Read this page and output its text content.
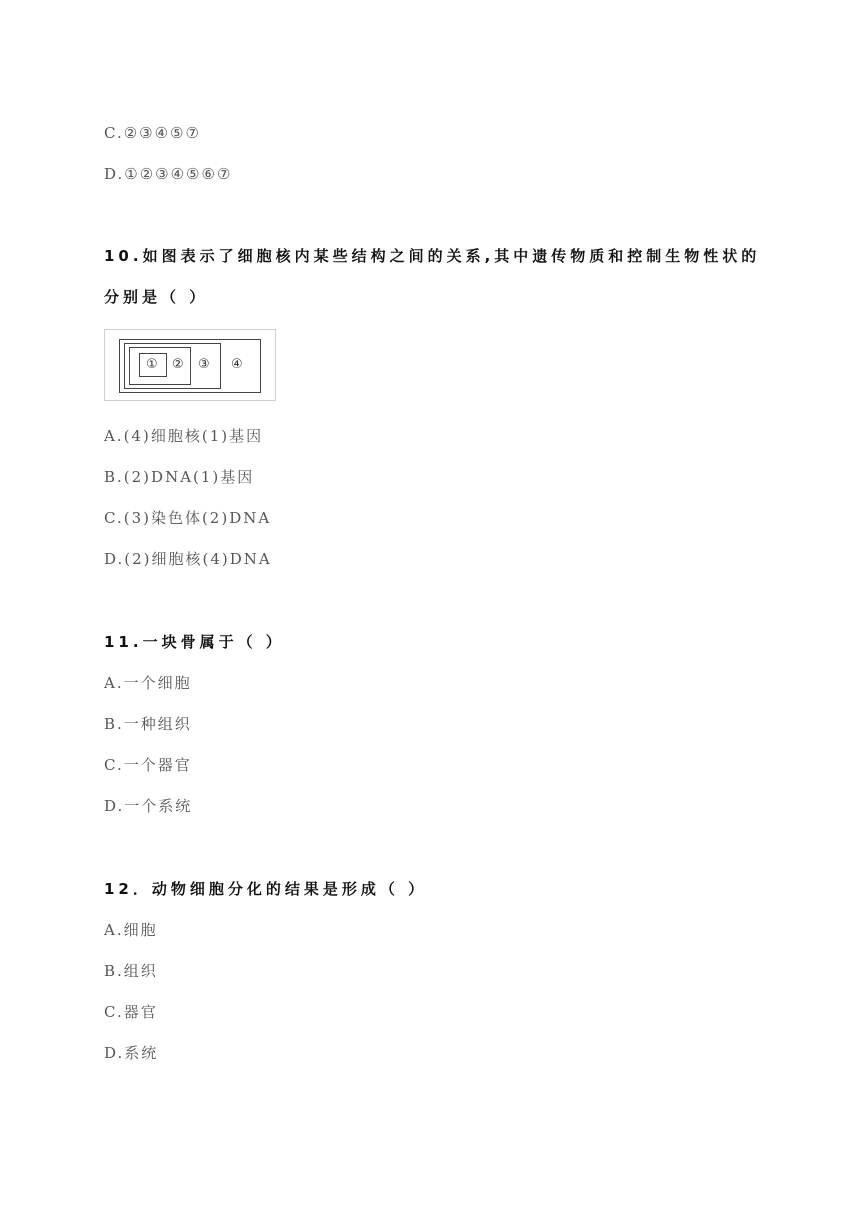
C.②③④⑤⑦
D.①②③④⑤⑥⑦
10.如图表示了细胞核内某些结构之间的关系,其中遗传物质和控制生物性状的
分别是（ ）
① ② ③ ④
A.(4)细胞核(1)基因
B.(2)DNA(1)基因
C.(3)染色体(2)DNA
D.(2)细胞核(4)DNA
11.一块骨属于（ ）
A.一个细胞
B.一种组织
C.一个器官
D.一个系统
12．动物细胞分化的结果是形成（ ）
A.细胞
B.组织
C.器官
D.系统
